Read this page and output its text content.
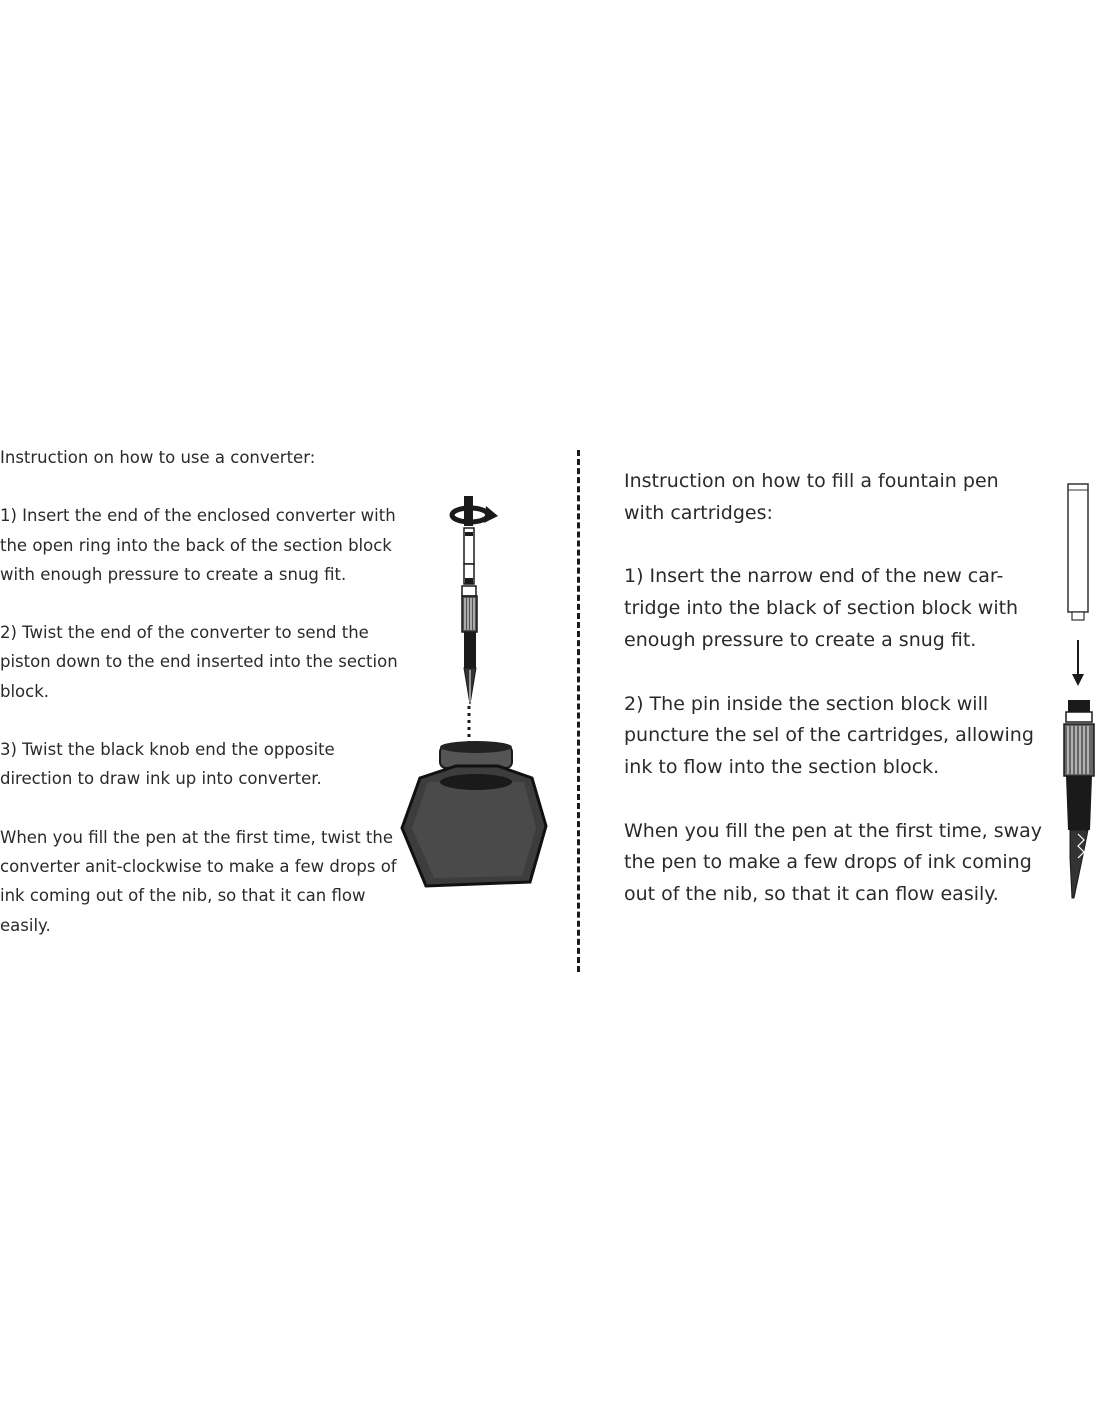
Instruction on how to use a converter:

1) Insert the end of the enclosed converter with the open ring into the back of the section block with enough pressure to create a snug fit.

2) Twist the end of the converter to send the piston down to the end inserted into the section block.

3) Twist the black knob end the opposite direction to draw ink up into converter.

When you fill the pen at the first time, twist the converter anit-clockwise to make a few drops of ink coming out of the nib, so that it can flow easily.

Instruction on how to fill a fountain pen with cartridges:

1) Insert the narrow end of the new car-tridge into the black of section block with enough pressure to create a snug fit.

2) The pin inside the section block will puncture the sel of the cartridges, allowing ink to flow into the section block.

When you fill the pen at the first time, sway the pen to make a few drops of ink coming out of the nib, so that it can flow easily.
